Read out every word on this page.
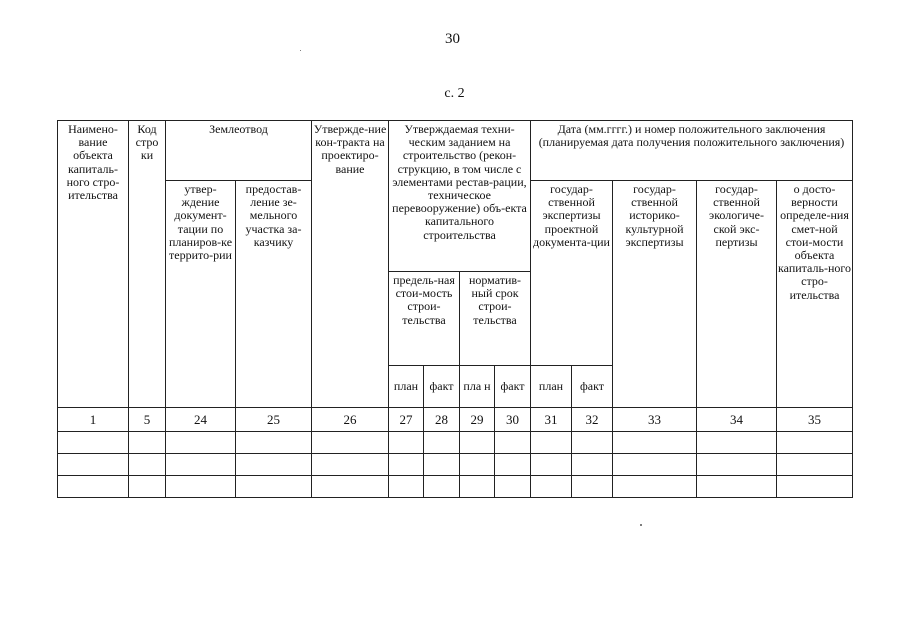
30
с. 2
Наимено-вание объекта капиталь-ного стро-ительства	Код стро ки	Землеотвод		Утвержде-ние кон-тракта на проектиро-вание	Утверждаемая техни-ческим заданием на строительство (рекон-струкцию, в том числе с элементами рестав-рации, техническое перевооружение) объ-екта капитального строительства				Дата (мм.гггг.) и номер положительного заключения (планируемая дата получения положительного заключения)				
		утвер-ждение документ-тации по планиров-ке террито-рии	предостав-ление зе-мельного участка за-казчику						государ-ственной экспертизы проектной документа-ции		государ-ственной историко-культурной экспертизы	государ-ственной экологиче-ской экс-пертизы	о досто-верности определе-ния смет-ной стои-мости объекта капиталь-ного стро-ительства
					предель-ная стои-мость строи-тельства		норматив-ный срок строи-тельства						
					план	факт	пла н	факт	план	факт			
1	5	24	25	26	27	28	29	30	31	32	33	34	35
